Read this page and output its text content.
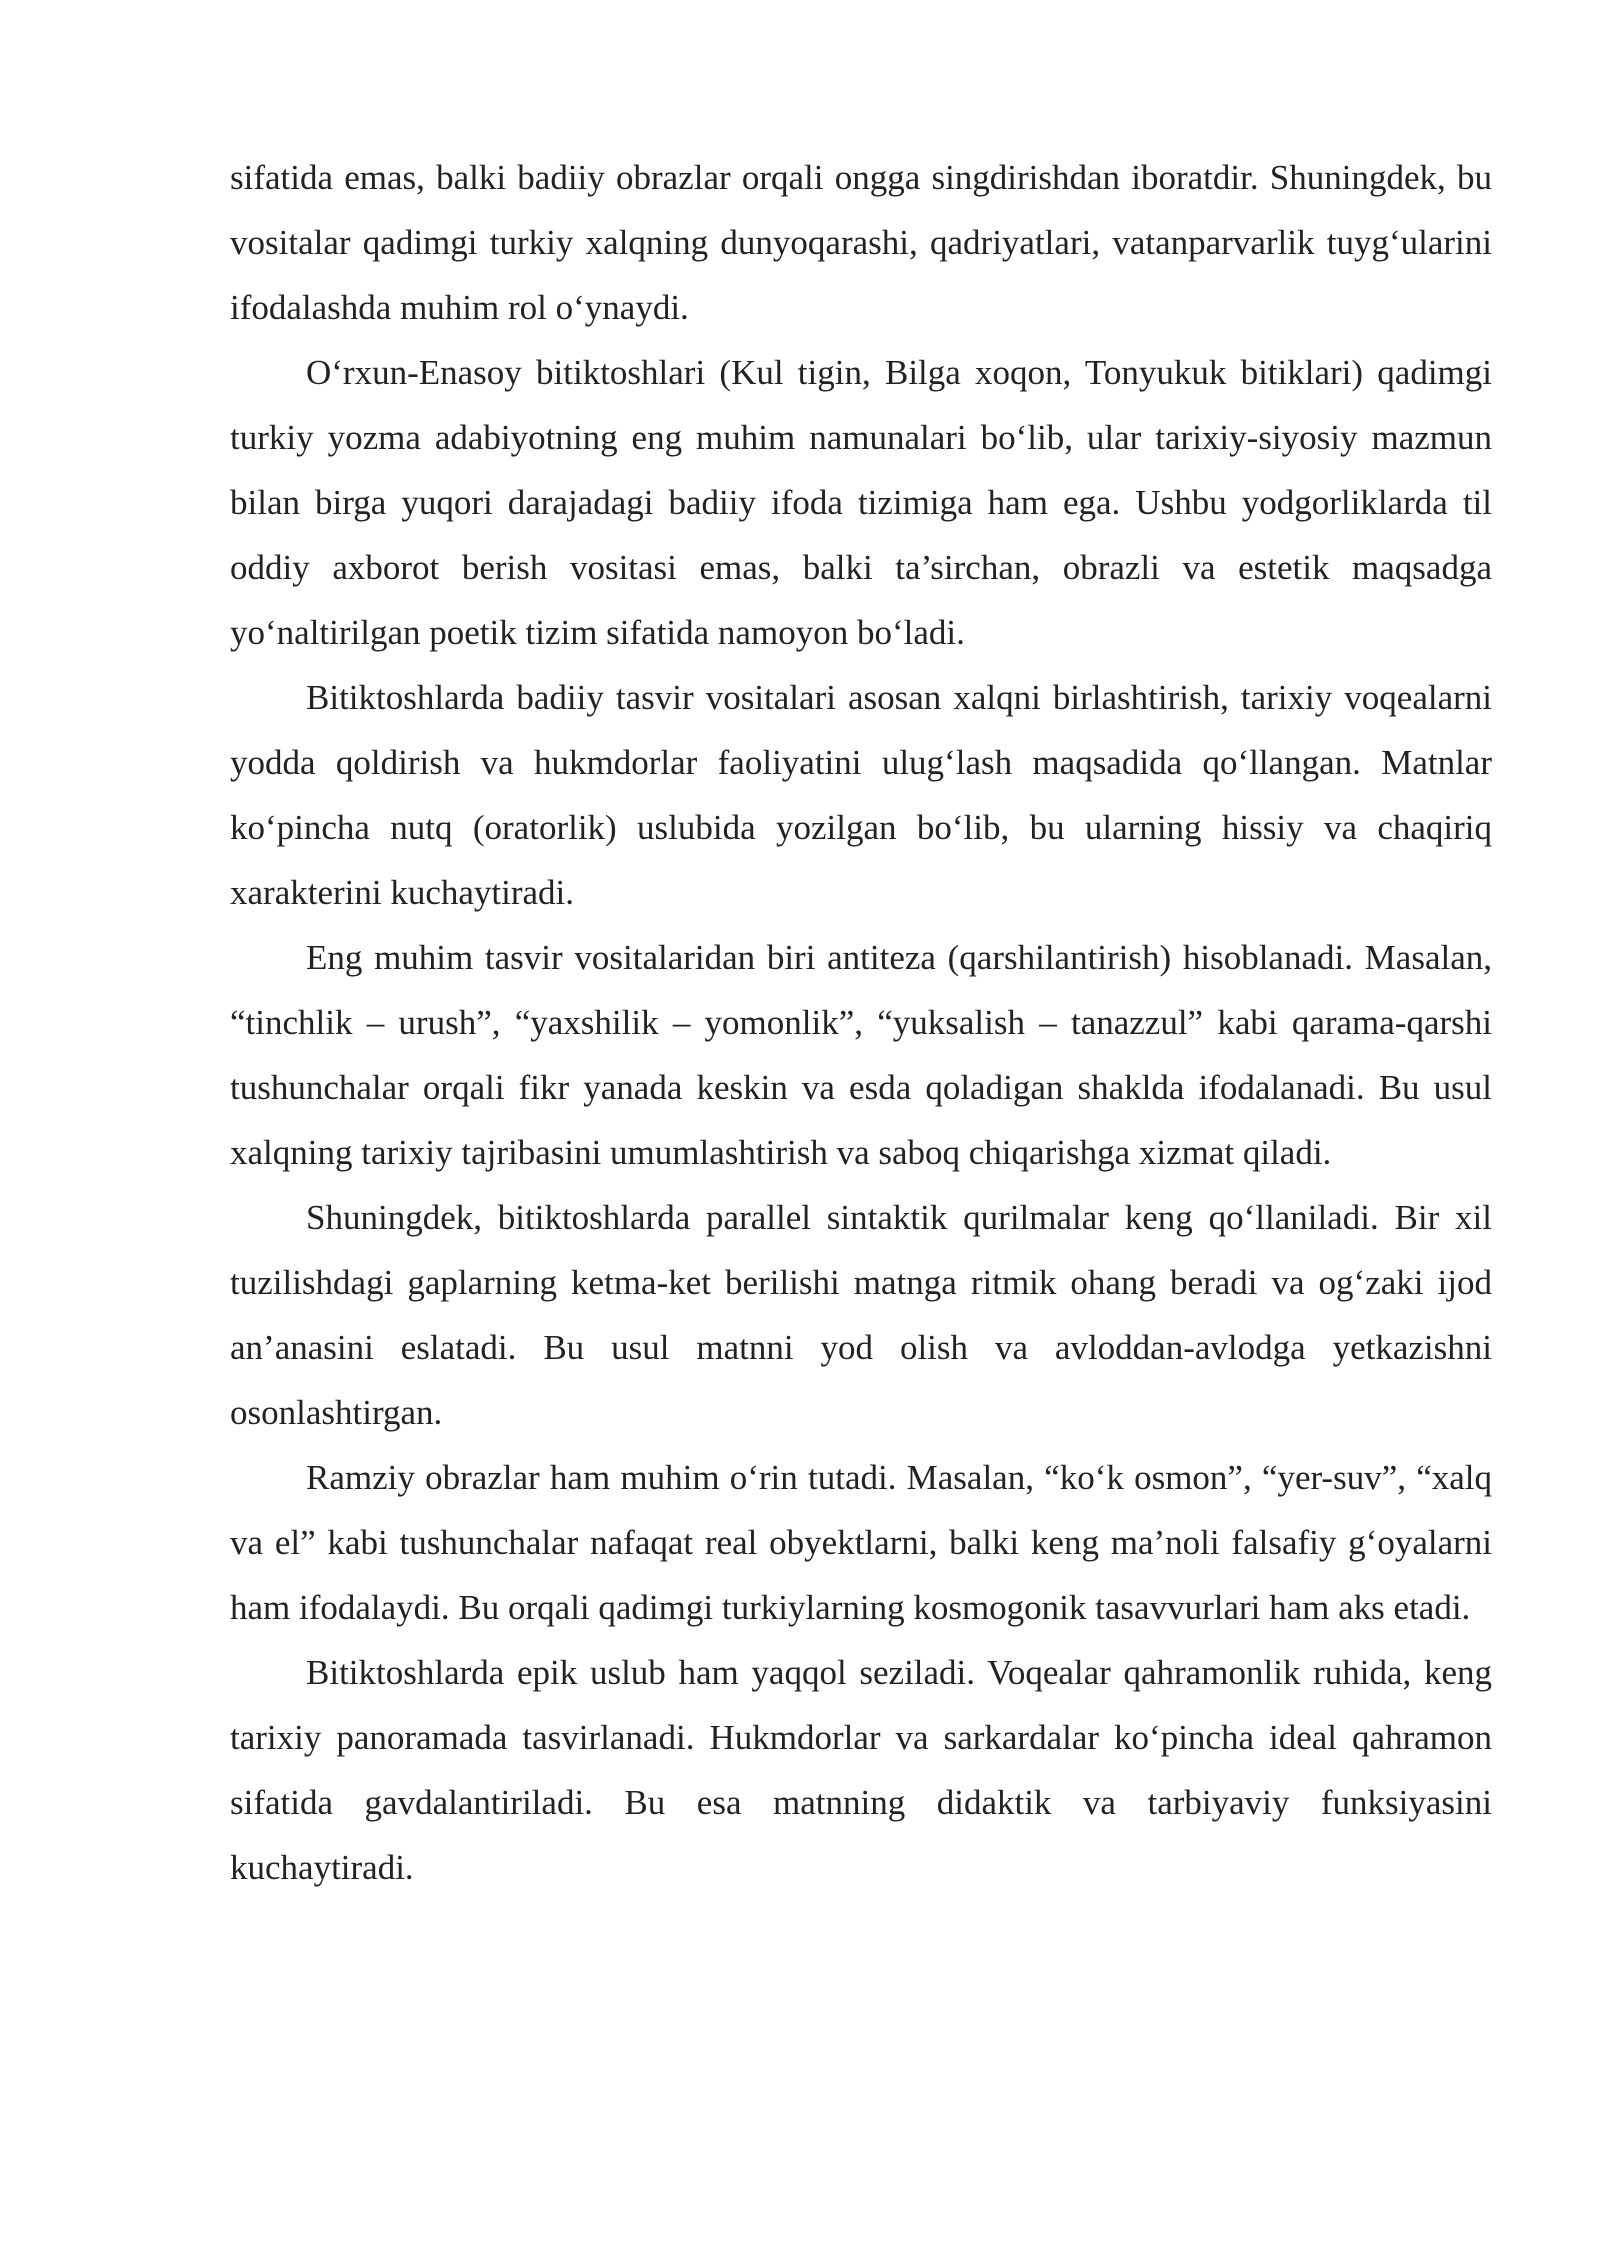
sifatida emas, balki badiiy obrazlar orqali ongga singdirishdan iboratdir. Shuningdek, bu vositalar qadimgi turkiy xalqning dunyoqarashi, qadriyatlari, vatanparvarlik tuyg‘ularini ifodalashda muhim rol o‘ynaydi.

O‘rxun-Enasoy bitiktoshlari (Kul tigin, Bilga xoqon, Tonyukuk bitiklari) qadimgi turkiy yozma adabiyotning eng muhim namunalari bo‘lib, ular tarixiy-siyosiy mazmun bilan birga yuqori darajadagi badiiy ifoda tizimiga ham ega. Ushbu yodgorliklarda til oddiy axborot berish vositasi emas, balki ta’sirchan, obrazli va estetik maqsadga yo‘naltirilgan poetik tizim sifatida namoyon bo‘ladi.

Bitiktoshlarda badiiy tasvir vositalari asosan xalqni birlashtirish, tarixiy voqealarni yodda qoldirish va hukmdorlar faoliyatini ulug‘lash maqsadida qo‘llangan. Matnlar ko‘pincha nutq (oratorlik) uslubida yozilgan bo‘lib, bu ularning hissiy va chaqiriq xarakterini kuchaytiradi.

Eng muhim tasvir vositalaridan biri antiteza (qarshilantirish) hisoblanadi. Masalan, “tinchlik – urush”, “yaxshilik – yomonlik”, “yuksalish – tanazzul” kabi qarama-qarshi tushunchalar orqali fikr yanada keskin va esda qoladigan shaklda ifodalanadi. Bu usul xalqning tarixiy tajribasini umumlashtirish va saboq chiqarishga xizmat qiladi.

Shuningdek, bitiktoshlarda parallel sintaktik qurilmalar keng qo‘llaniladi. Bir xil tuzilishdagi gaplarning ketma-ket berilishi matnga ritmik ohang beradi va og‘zaki ijod an’anasini eslatadi. Bu usul matnni yod olish va avloddan-avlodga yetkazishni osonlashtirgan.

Ramziy obrazlar ham muhim o‘rin tutadi. Masalan, “ko‘k osmon”, “yer-suv”, “xalq va el” kabi tushunchalar nafaqat real obyektlarni, balki keng ma’noli falsafiy g‘oyalarni ham ifodalaydi. Bu orqali qadimgi turkiylarning kosmogonik tasavvurlari ham aks etadi.

Bitiktoshlarda epik uslub ham yaqqol seziladi. Voqealar qahramonlik ruhida, keng tarixiy panoramada tasvirlanadi. Hukmdorlar va sarkardalar ko‘pincha ideal qahramon sifatida gavdalantiriladi. Bu esa matnning didaktik va tarbiyaviy funksiyasini kuchaytiradi.
